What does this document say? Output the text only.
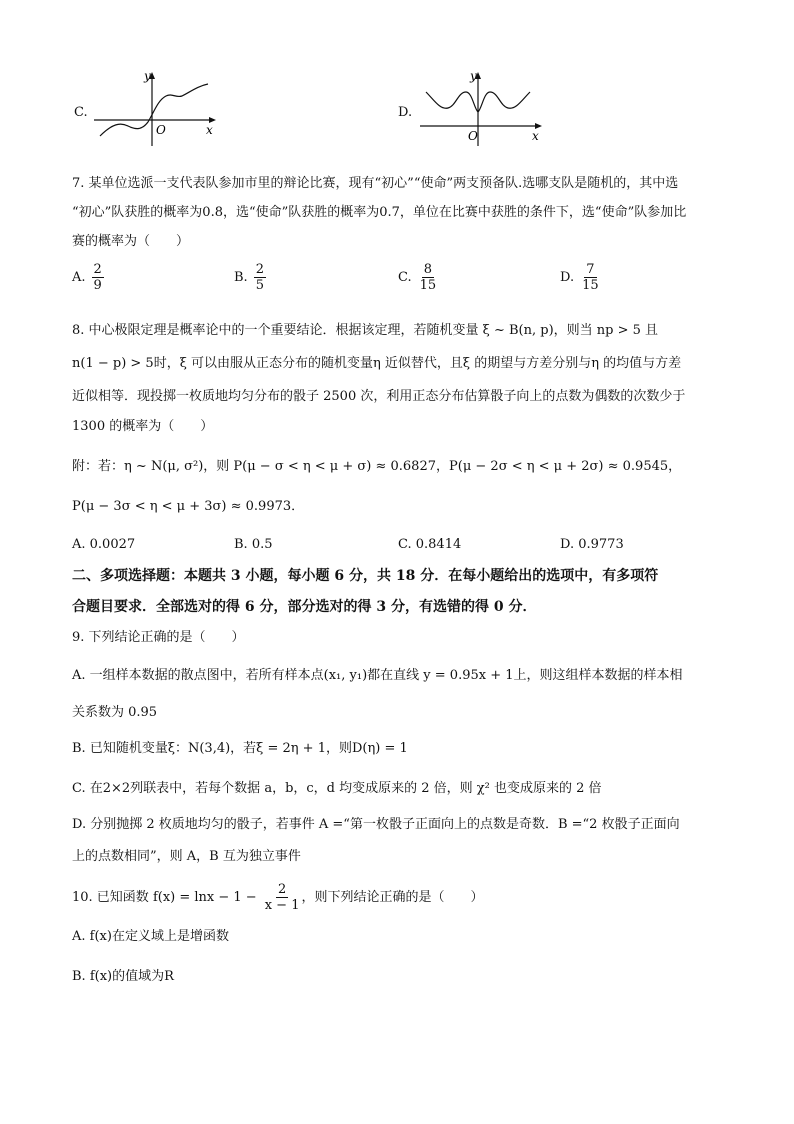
C.
y
x
O
D.
y
x
O
7. 某单位选派一支代表队参加市里的辩论比赛，现有“初心”“使命”两支预备队.选哪支队是随机的，其中选
“初心”队获胜的概率为0.8，选“使命”队获胜的概率为0.7，单位在比赛中获胜的条件下，选“使命”队参加比
赛的概率为（　　）
A. $\frac{2}{9}$	B. $\frac{2}{5}$	C. $\frac{8}{15}$	D. $\frac{7}{15}$
8. 中心极限定理是概率论中的一个重要结论．根据该定理，若随机变量 ξ ~ B(n, p)，则当 np > 5 且
n(1 − p) > 5时，ξ 可以由服从正态分布的随机变量η 近似替代，且ξ 的期望与方差分别与η 的均值与方差
近似相等．现投掷一枚质地均匀分布的骰子 2500 次，利用正态分布估算骰子向上的点数为偶数的次数少于
1300 的概率为（　　）
附：若：η ~ N(μ, σ²)，则 P(μ − σ < η < μ + σ) ≈ 0.6827，P(μ − 2σ < η < μ + 2σ) ≈ 0.9545，
P(μ − 3σ < η < μ + 3σ) ≈ 0.9973．
A. 0.0027	B. 0.5	C. 0.8414	D. 0.9773
二、多项选择题：本题共 3 小题，每小题 6 分，共 18 分．在每小题给出的选项中，有多项符
合题目要求．全部选对的得 6 分，部分选对的得 3 分，有选错的得 0 分．
9. 下列结论正确的是（　　）
A. 一组样本数据的散点图中，若所有样本点(x₁, y₁)都在直线 y = 0.95x + 1上，则这组样本数据的样本相
关系数为 0.95
B. 已知随机变量ξ：N(3,4)，若ξ = 2η + 1，则D(η) = 1
C. 在2×2列联表中，若每个数据 a，b，c，d 均变成原来的 2 倍，则 χ² 也变成原来的 2 倍
D. 分别抛掷 2 枚质地均匀的骰子，若事件 A =“第一枚骰子正面向上的点数是奇数．B =“2 枚骰子正面向
上的点数相同”，则 A，B 互为独立事件
10. 已知函数 $f(x) = \ln x - 1 - \frac{2}{x - 1}$ ，则下列结论正确的是（　　）
A. f(x)在定义域上是增函数
B. f(x)的值域为R
